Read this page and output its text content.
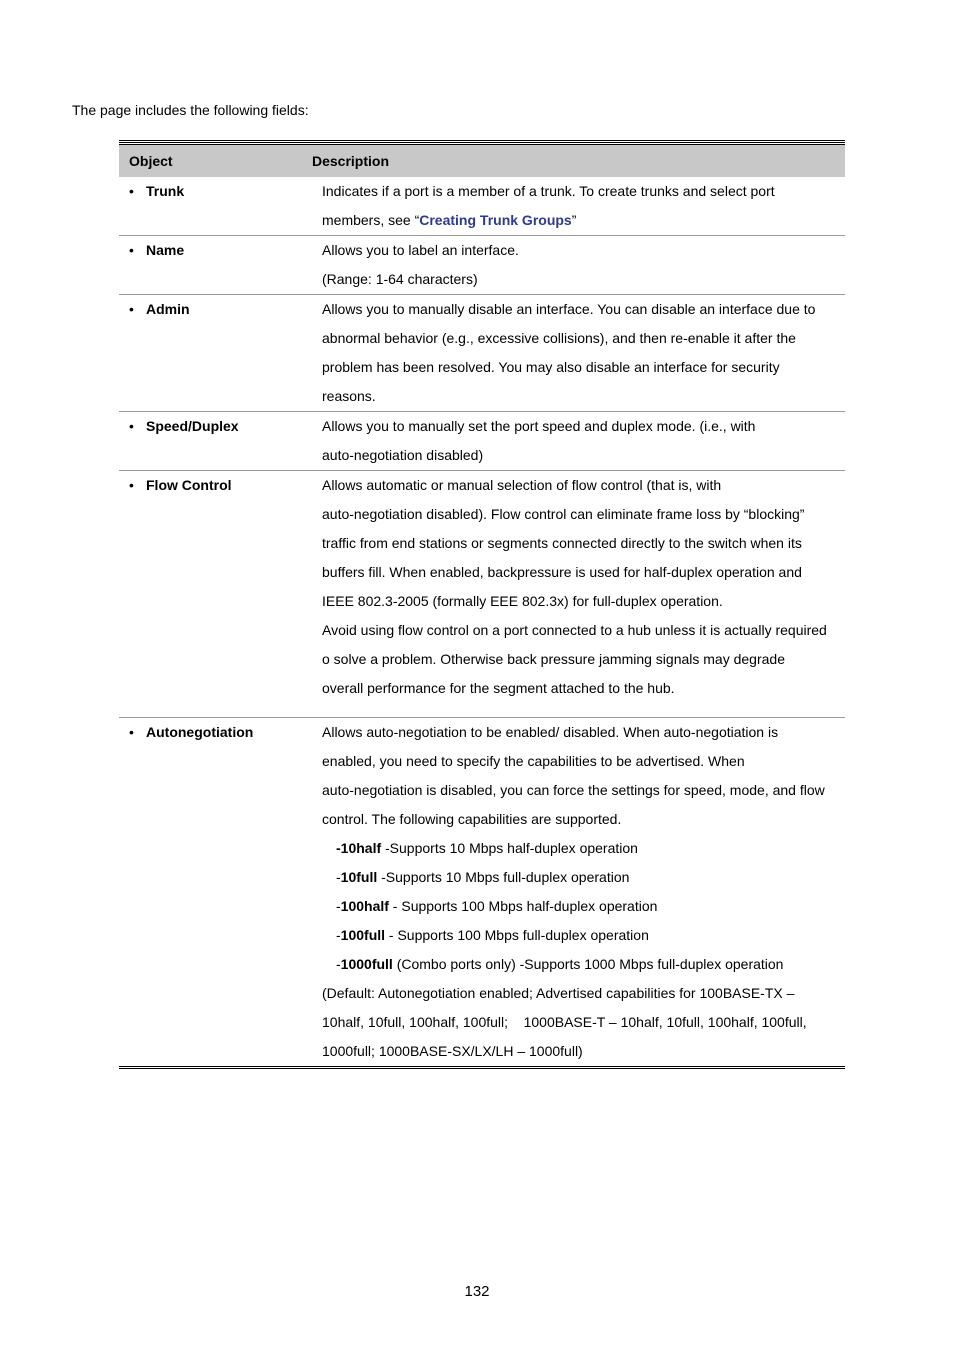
The page includes the following fields:
Object	Description
• Trunk	Indicates if a port is a member of a trunk. To create trunks and select port
members, see “Creating Trunk Groups”
• Name	Allows you to label an interface.
(Range: 1-64 characters)
• Admin	Allows you to manually disable an interface. You can disable an interface due to
abnormal behavior (e.g., excessive collisions), and then re-enable it after the
problem has been resolved. You may also disable an interface for security
reasons.
• Speed/Duplex	Allows you to manually set the port speed and duplex mode. (i.e., with
auto-negotiation disabled)
• Flow Control	Allows automatic or manual selection of flow control (that is, with
auto-negotiation disabled). Flow control can eliminate frame loss by “blocking”
traffic from end stations or segments connected directly to the switch when its
buffers fill. When enabled, backpressure is used for half-duplex operation and
IEEE 802.3-2005 (formally EEE 802.3x) for full-duplex operation.
Avoid using flow control on a port connected to a hub unless it is actually required
o solve a problem. Otherwise back pressure jamming signals may degrade
overall performance for the segment attached to the hub.
• Autonegotiation	Allows auto-negotiation to be enabled/ disabled. When auto-negotiation is
enabled, you need to specify the capabilities to be advertised. When
auto-negotiation is disabled, you can force the settings for speed, mode, and flow
control. The following capabilities are supported.
-10half -Supports 10 Mbps half-duplex operation
-10full -Supports 10 Mbps full-duplex operation
-100half - Supports 100 Mbps half-duplex operation
-100full - Supports 100 Mbps full-duplex operation
-1000full (Combo ports only) -Supports 1000 Mbps full-duplex operation
(Default: Autonegotiation enabled; Advertised capabilities for 100BASE-TX –
10half, 10full, 100half, 100full;    1000BASE-T – 10half, 10full, 100half, 100full,
1000full; 1000BASE-SX/LX/LH – 1000full)
132
